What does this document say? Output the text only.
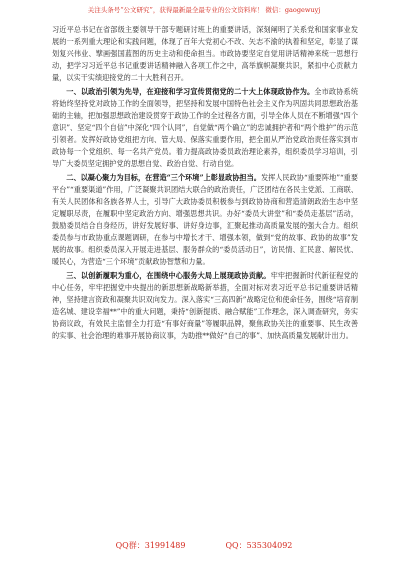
关注头条号“公文研究”，获得最新最全最专业的公文资料库！ 微信：gaogewuyj

习近平总书记在省部级主要领导干部专题研讨班上的重要讲话，深刻阐明了关系党和国家事业发展的一系列重大理论和实践问题，体现了百年大党初心不改、矢志不渝的执着和坚定，彰显了谋划复兴伟业、擘画强国蓝图的历史主动和使命担当。市政协要坚定自觉用讲话精神来统一思想行动，把学习习近平总书记重要讲话精神融入各项工作之中，高举旗帜凝聚共识，紧扣中心贡献力量，以实干实绩迎接党的二十大胜利召开。

一、以政治引领为先导，在迎接和学习宣传贯彻党的二十大上体现政协作为。全市政协系统将始终坚持党对政协工作的全面领导，把坚持和发展中国特色社会主义作为巩固共同思想政治基础的主轴，把加强思想政治建设贯穿于政协工作的全过程各方面，引导全体人员在不断增强“四个意识”、坚定“四个自信”中深化“四个认同”，自觉做“两个确立”的忠诚拥护者和“两个维护”的示范引领者。发挥好政协党组把方向、管大局、保落实重要作用，把全面从严治党政治责任落实到市政协每一个党组织、每一名共产党员。着力提高政协委员政治理论素养，组织委员学习培训，引导广大委员坚定拥护党的思想自觉、政治自觉、行动自觉。

二、以凝心聚力为目标，在营造“三个环境”上彰显政协担当。发挥人民政协“重要阵地”“重要平台”“重要渠道”作用，广泛凝聚共识团结大联合的政治责任，广泛团结在各民主党派、工商联、有关人民团体和各族各界人士，引导广大政协委员积极参与到政协协商和营造清朗政治生态中坚定履职尽责，在履职中坚定政治方向、增强思想共识。办好“委员大讲堂”和“委员走基层”活动，鼓励委员结合自身经历，讲好发展好事、讲好身边事，汇聚起推动高质量发展的强大合力。组织委员参与市政协重点课题调研，在参与中增长才干、增强本领，做到“党的故事、政协的故事”发展的故事。组织委员深入开展走进基层、服务群众的“委员活动日”，访民情、汇民意、解民忧、暖民心，为营造“三个环境”贡献政协智慧和力量。

三、以创新履职为重心，在围绕中心服务大局上展现政协贡献。牢牢把握新时代新征程党的中心任务，牢牢把握党中央提出的新思想新战略新举措，全面对标对表习近平总书记重要讲话精神，坚持建言资政和凝聚共识双向发力。深入落实“三高四新”战略定位和使命任务，围绕“培育制造名城、建设幸福**”中的重大问题，秉持“创新提质、融合赋能”工作理念，深入调查研究，务实协商议政，有效民主监督全力打造“有事好商量”等履职品牌，聚焦政协关注的重要事、民生改善的实事、社会治理的难事开展协商议事，为助推**做好“自己的事”、加快高质量发展献计出力。

QQ群：31991489	QQ：535304092
